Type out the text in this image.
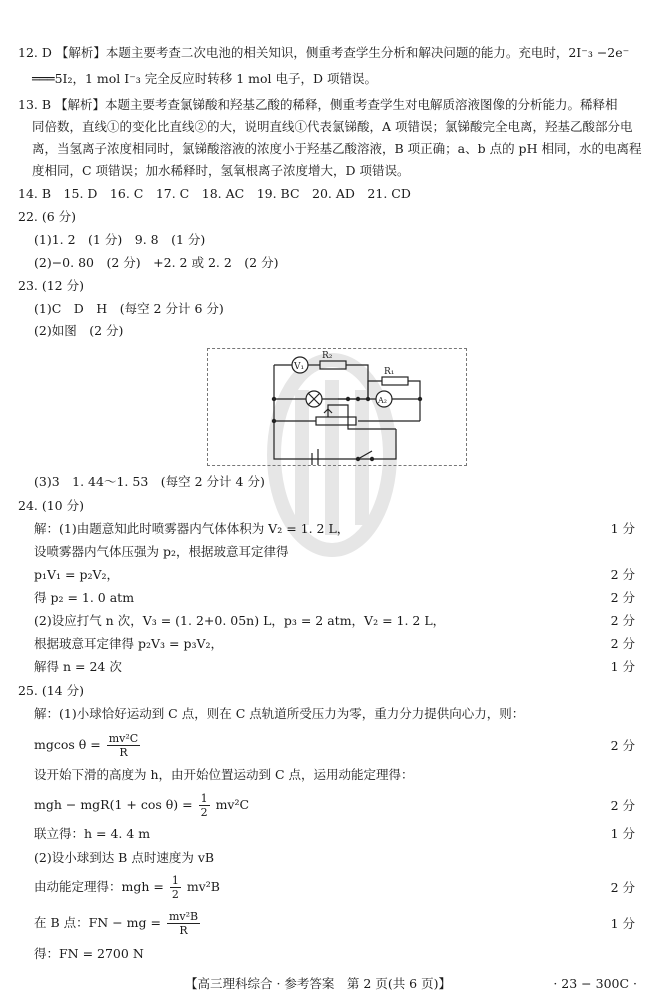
12. D 【解析】本题主要考查二次电池的相关知识，侧重考查学生分析和解决问题的能力。充电时，2I⁻₃ −2e⁻
═══5I₂，1 mol I⁻₃ 完全反应时转移 1 mol 电子，D 项错误。
13. B 【解析】本题主要考查氯锑酸和羟基乙酸的稀释，侧重考查学生对电解质溶液图像的分析能力。稀释相
同倍数，直线①的变化比直线②的大，说明直线①代表氯锑酸，A 项错误；氯锑酸完全电离，羟基乙酸部分电
离，当氢离子浓度相同时，氯锑酸溶液的浓度小于羟基乙酸溶液，B 项正确；a、b 点的 pH 相同，水的电离程
度相同，C 项错误；加水稀释时，氢氧根离子浓度增大，D 项错误。
14. B　15. D　16. C　17. C　18. AC　19. BC　20. AD　21. CD
22. (6 分)
(1)1. 2　(1 分)　9. 8　(1 分)
(2)−0. 80　(2 分)　+2. 2 或 2. 2　(2 分)
23. (12 分)
(1)C　D　H　(每空 2 分计 6 分)
(2)如图　(2 分)
V₁
R₂
R₁
A₂
(3)3　1. 44～1. 53　(每空 2 分计 4 分)
24. (10 分)
解：(1)由题意知此时喷雾器内气体体积为 V₂ = 1. 2 L，	1 分
设喷雾器内气体压强为 p₂，根据玻意耳定律得
p₁V₁ = p₂V₂，	2 分
得 p₂ = 1. 0 atm	2 分
(2)设应打气 n 次，V₃ = (1. 2+0. 05n) L，p₃ = 2 atm，V₂ = 1. 2 L，	2 分
根据玻意耳定律得 p₂V₃ = p₃V₂，	2 分
解得 n = 24 次	1 分
25. (14 分)
解：(1)小球恰好运动到 C 点，则在 C 点轨道所受压力为零，重力分力提供向心力，则：
mgcos $\theta = \frac{\text{mv²C}}{R}$	2 分
设开始下滑的高度为 h，由开始位置运动到 C 点，运用动能定理得：
mgh − $mgR(1 + \cos \theta) = \frac{1}{2} mv^2C$	2 分
联立得：h = 4. 4 m	1 分
(2)设小球到达 B 点时速度为 vB
由动能定理得：mgh = $\frac{1}{2} mv^2B$	2 分
在 B 点：FN − mg = $\frac{\text{mv²B}}{R}$	1 分
得：FN = 2700 N
【高三理科综合 · 参考答案　第 2 页(共 6 页)】	· 23 − 300C ·
